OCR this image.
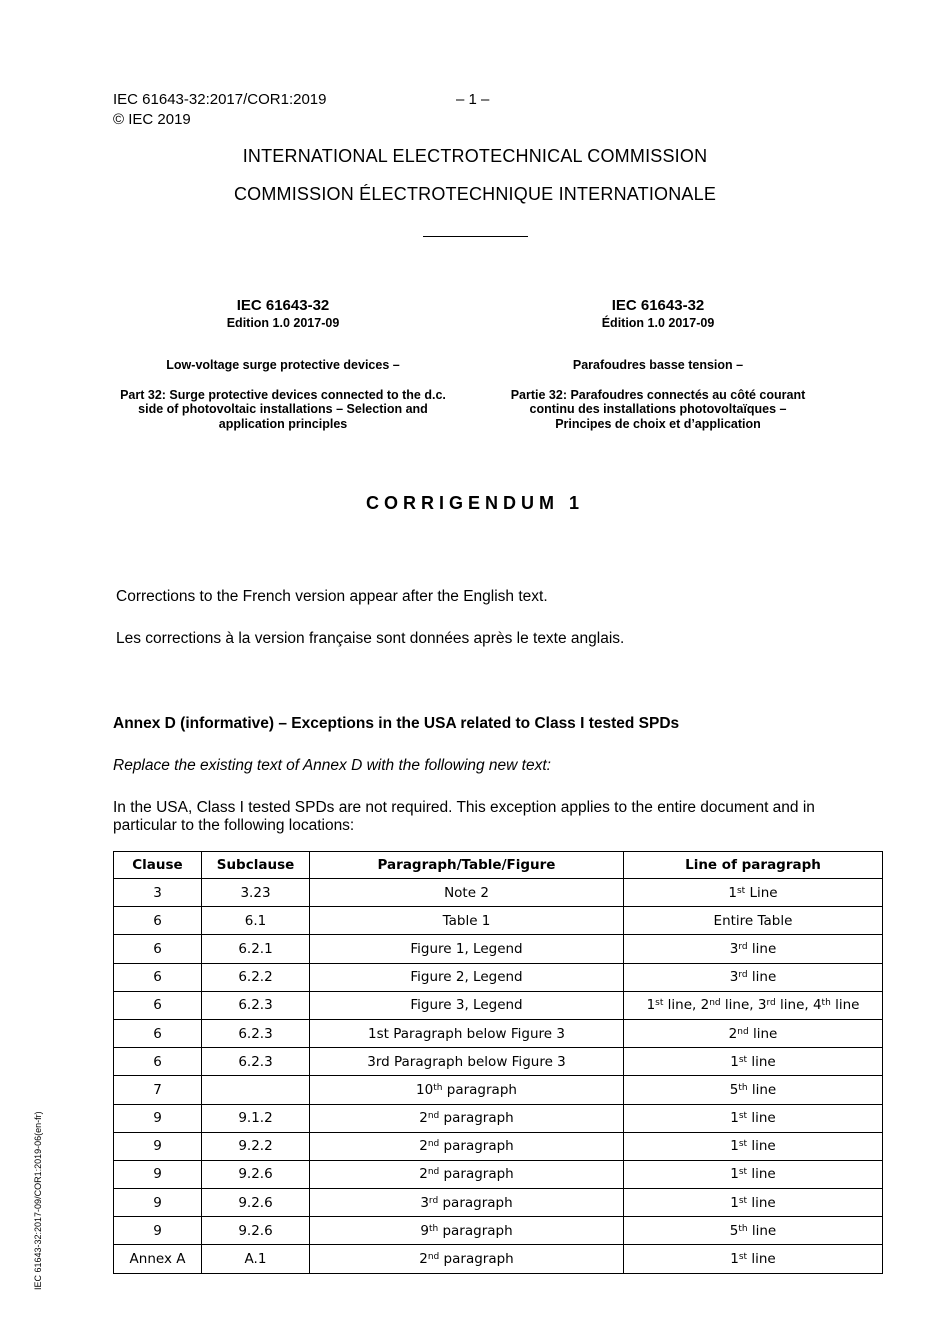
IEC 61643-32:2017/COR1:2019	– 1 –
© IEC 2019
INTERNATIONAL ELECTROTECHNICAL COMMISSION
COMMISSION ÉLECTROTECHNIQUE INTERNATIONALE
IEC 61643-32
Edition 1.0 2017-09
Low-voltage surge protective devices –
Part 32: Surge protective devices connected to the d.c. side of photovoltaic installations – Selection and application principles
IEC 61643-32
Édition 1.0 2017-09
Parafoudres basse tension –
Partie 32: Parafoudres connectés au côté courant continu des installations photovoltaïques – Principes de choix et d’application
CORRIGENDUM 1
Corrections to the French version appear after the English text.
Les corrections à la version française sont données après le texte anglais.
Annex D (informative) – Exceptions in the USA related to Class I tested SPDs
Replace the existing text of Annex D with the following new text:
In the USA, Class I tested SPDs are not required. This exception applies to the entire document and in particular to the following locations:
Clause	Subclause	Paragraph/Table/Figure	Line of paragraph
3	3.23	Note 2	1st Line
6	6.1	Table 1	Entire Table
6	6.2.1	Figure 1, Legend	3rd line
6	6.2.2	Figure 2, Legend	3rd line
6	6.2.3	Figure 3, Legend	1st line, 2nd line, 3rd line, 4th line
6	6.2.3	1st Paragraph below Figure 3	2nd line
6	6.2.3	3rd Paragraph below Figure 3	1st line
7		10th paragraph	5th line
9	9.1.2	2nd paragraph	1st line
9	9.2.2	2nd paragraph	1st line
9	9.2.6	2nd paragraph	1st line
9	9.2.6	3rd paragraph	1st line
9	9.2.6	9th paragraph	5th line
Annex A	A.1	2nd paragraph	1st line
IEC 61643-32:2017-09/COR1:2019-06(en-fr)
